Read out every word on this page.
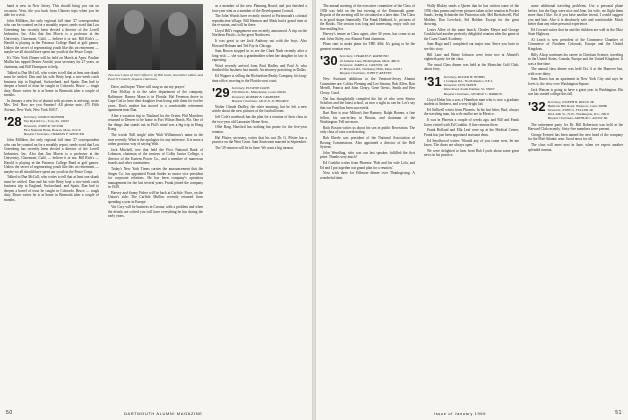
band is new in New Jersey. This should bring you out on occasion. Vern, tile you back from Chinese trips when you be able for a visit.

John Milliken, the only regional full time '27 correspondent who can be counted on for a monthly report, sends word that Lou Greenberg has recently been elected a director of the Lovell Industries, Inc. Also that Jim Morris is a professor at the University, Claremont, Calif. — believe it or not. Bill Rich's — Harold is playing in the Potomac College Band at golf games. Unless the secret of regenerating youth like this on retirement — maybe we all should have spent our youth in the Peace Corps.

It's 'New York Dinner will be held on March at Apex. Pauline Mullin has tapped Dexter Arnold, your secretary for 27 years, as chairman, and Bill Thompson to help.

Talked to Dan McColl, who writes to tell that at least one skunk must be settled. Dan and his wife Betty kept a two-week catch business trip to England, Switzerland, and Spain. Dan had to deepen a barrel of trout he caught in Colorado. Bruce — tough duty, Bruce writes he is at home in Bermuda after a couple of months.

In January a new list of alumni with pictures is arriving, wrote Mrs. Ted. How are you Fannies? All please note, 475 Fifth Avenue, New York, New York 10017.

'28 Secretary, OSMUN SKINNER
Van Dyk Rd Co., Troy, Pa. 16947
Treasurer, JOHN R. VICTOR
First National Bank, Boston, Mass. 02110
Bequest Chairman, CHARLES F. SPENCER

John Milliken, the only regional full time '27 correspondent who can be counted on for a monthly report, sends word that Lou Greenberg has recently been elected a director of the Lovell Industries, Inc. Also that Jim Morris is a professor at the University, Claremont, Calif. — believe it or not. Bill Rich's — Harold is playing in the Potomac College Band at golf games. Unless the secret of regenerating youth like this on retirement — maybe we all should have spent our youth in the Peace Corps.

Talked to Dan McColl, who writes to tell that at least one skunk must be settled. Dan and his wife Betty kept a two-week catch business trip to England, Switzerland, and Spain. Dan had to deepen a barrel of trout he caught in Colorado. Bruce — tough duty, Bruce writes he is at home in Bermuda after a couple of months.

Two new Class of 1927 officers: (l) Bill Scott, newsletter editor, and Paul O'Connell, bequest chairman.

Dave, and hopes 'There will snag us out my prayer.'

Don McKay is in the sales department of the company, Baltimore. Barney Mann is in Florida. Hal Freeman drove to Cape Cod to have their daughter Jean living with them for twelve years. Don's mother has moved to a comfortable retirement apartment near Dan.

After a vacation trip to Thailand for the Orient, Phil Marchese returned to Denver to be home in Fort Wilton Beach, Fla. One of the things that stands out in Phil's mind was a big trip in Hong Kong.

The words 'Still single' after Walt Williamson's name in the note recently. What is the apologies for any inference. It is more a rather gracious way of saying Walt.

Jack Mitchell, tree that held the First National Bank of Lebanon, chairman of the trustees of Colby Junior College, a director of the Eastern Power Co., and a member of numerous boards and other committees.

Today's New York Times carries the announcement that the Singer Co. has appointed Frank Snider as senior vice president for corporate relations. He has been company's operation management for the last several years. Frank joined the company in 1929.

Harvey and Sonny Fisher will be back at Carlisle. Fiore, on the Union's side; The Carlisle Mullins recently returned from spending a year in Europe.

Vin Cory will be business in Corona, with a problem and when the details are solved you will have everything he has during the early years.

as a member of the new Planning Board, and just finished a four-year stint as a member of the Development Council.

The John Woods have recently moved to Portsmouth's colonial reproduction village. Bill Harmon and Mark had a grand time at the re-union, and will be there.

Lloyd Hill's engagement was recently announced. A trip on the Northern Pacific, to the great Northwest.

It was great to see Jack Anthony out with the boys. Also Howard Holman and Ted Fay in Chicago.

Sam Brown stopped in to see the Clark Nash recently after a long visit — she was a grandmother when her daughter in law is expecting.

Word recently arrived from Paul Hadley and Paul Jr. who finished the business last month. An attorney practicing in Dallas.

Ed Wagner is selling the Richardson Realty Company, his long-time office, moving to the Florida west coast.

'29 Secretary, EUGENE DAVIS
330 Main St., Manchester, Conn. 06040
Treasurer, ROBERT B. CRABTREE
Bequest Chairman, JACK D. SCHWARTZ

Walter Claude Dudley, the other morning, but he left a new article about the new pictures of the football team.

Jeff Cole's notebook has the plan for a reunion of their class in the two-year old Lancaster Home Area.

Ollie Barg, Hartford has nothing but praise for the five-year reunion.

Hal Pfister, secretary, writes that his son Dr. G. Pfister has a practice on the West Coast. Sam Sturtevant married in September.

The '29 reunion will be in June. We want a big turnout.

50	DARTMOUTH ALUMNI MAGAZINE

The annual meeting of the executive committee of the Class of 1930 was held on the last evening of the Dartmouth game. Reports of the meeting will be circulated at a later date. The Class is in good shape financially. The Frank Hubbard, Jr., pictures of the Books. The session was long and interesting, enjoy with our fine mailing list.

Harvey's tenure as Class agent, after 30 years, has come to an end. John Oirley, our Alumni Fund chairman.

Plans start to make plans for THE 40th. It's going to be the greatest reunion ever.

'30 Secretary, CHARLES F. RAYMOND
16 Jenkins Lane, Birmingham, Mich. 48010
Treasurer, JAMES A. CANNON, JR.
47 Harvard Rd., Wellesley Hills, Mass. 02181
Bequest Chairman, JOHN F. REEVES

New Assistant additions to the Vermont-Jersey Alumni Committee are: Colfax Fleming and Lee Stearns, Bob Allen, Bart Merrill, Francis and John Cleary, Gene Oresic, Smith and Ben Cleary. Good.

Nat has thoughtfully compiled the list of who were Senior Scholars and the latest school, as nice a sight as can be. Let's say that our Fund has been successful.

Bart Burr is now Milton's fine Ramsey. Ralph Bonner, a fine fellow, his son-in-law in Boston, and chairman of the Washington. Tell me more.

Ruth Boston writes us about his son in public Recreation. The only class of ours worth noting.

Bob Eberle was president of the National Association of Boxing Commissions. Also appointed a director of the Bell System.

John Wendling, who was our last speaker, fulfilled the first prize. Thanks very much!

Ed Conklin writes from Phoenix: 'Bob and his wife Lola, and Ed and I put together our grand plan for a reunion.'

Now wish there for Fillmore dinner over Thanksgiving. A wonderful time.

Wally Blakey sends a Queen that he has written some of the 1930 class poems and even pictures taken at the reunion at Pocket Sands. Irving Schnieder the Princeton side, Mel Birdschwell, Phil Molden, Don Lovelock, Sid Holden. Except for the great showing.

Lester Allen of the same bunch, Charles Meyer and George Conklin had another perfectly delightful reunion after the game at the Coast Guard Academy.

Sam Hugo and I completed our major tour. Since you have to see this story.

Bill Lane and Bettie Johnson were front row at Ahmed's eightieth party for the class.

The usual Class dinner was held at the Montclair Golf Club, about forty.

'31 Secretary, ROGER H. HOBBS
1 Campus Rd., North Rustico, P.E.I.
Treasurer, DON SMITH
Ware Road, South Panther, Vt. 05067
Bequest Chairman, GEORGE C. BARRON

Lloyd Eldon has a son, a Hamilton man who is now a graduate student at Amherst, and a very bright lad.

Ed Stillwell writes from Phoenix. In his last letter, Bud, always the traveling man, his wife and he are in Mexico.

It was in Phoenix a couple of weeks ago, and Bill and Frank Jones visited with Ed Conklin. A fine reunion there.

Frank Holland and Ella Leaf were up at the Medical Center, Frank has just been appointed assistant dean.

Ed Smallwood writes: 'Should any of you come west, let me know. The doors are always open.'

We were delighted to hear from Bob Lynch about some great news in his practice.

some additional traveling problems. Use a personal plane before, but the flags were nice and Jane, his wife, we flight them more than I like. So if you have another friend, I would suggest you and him. Also it is absolutely safe and comfortable. Much better than any other personal experience.

Ed Coward writes that he and the children are well in the Ohio State Highway.

Al Leach is now president of the Commerce Chamber of Commerce of Northern Colorado, Europe and the United Kingdom.

Billy Alsop continues his career in Christian Science, traveling to the United States, Canada, Europe and the United Kingdom. It was a fine time.

The annual class dinner was held Oct. 6 at the Hanover Inn, with over thirty.

Sam Harris has an apartment in New York City and says he loves it, the view over Washington Square.

Jack Watson is going to have a great year in Washington. His son has started college this fall.

'32 Secretary, JOSEPH B. ROLLE JR.
Hemlock Hill Road, Westport, Conn. 06880
Treasurer, JOHN G. FULLER JR.
2614 44th St., N.W., Washington, D.C. 20011
Bequest Chairman, ARTHUR C. ALLEN JR.

The retirement party for Dr. Bill Robertson was held at the Harvard Club recently. Sixty-five members were present.

George Evenett has been named the new head of the company for the Mid-Atlantic area. Good news for all.

The class will meet next in June, when we expect another splendid turnout.

Issue of January 1969	51
